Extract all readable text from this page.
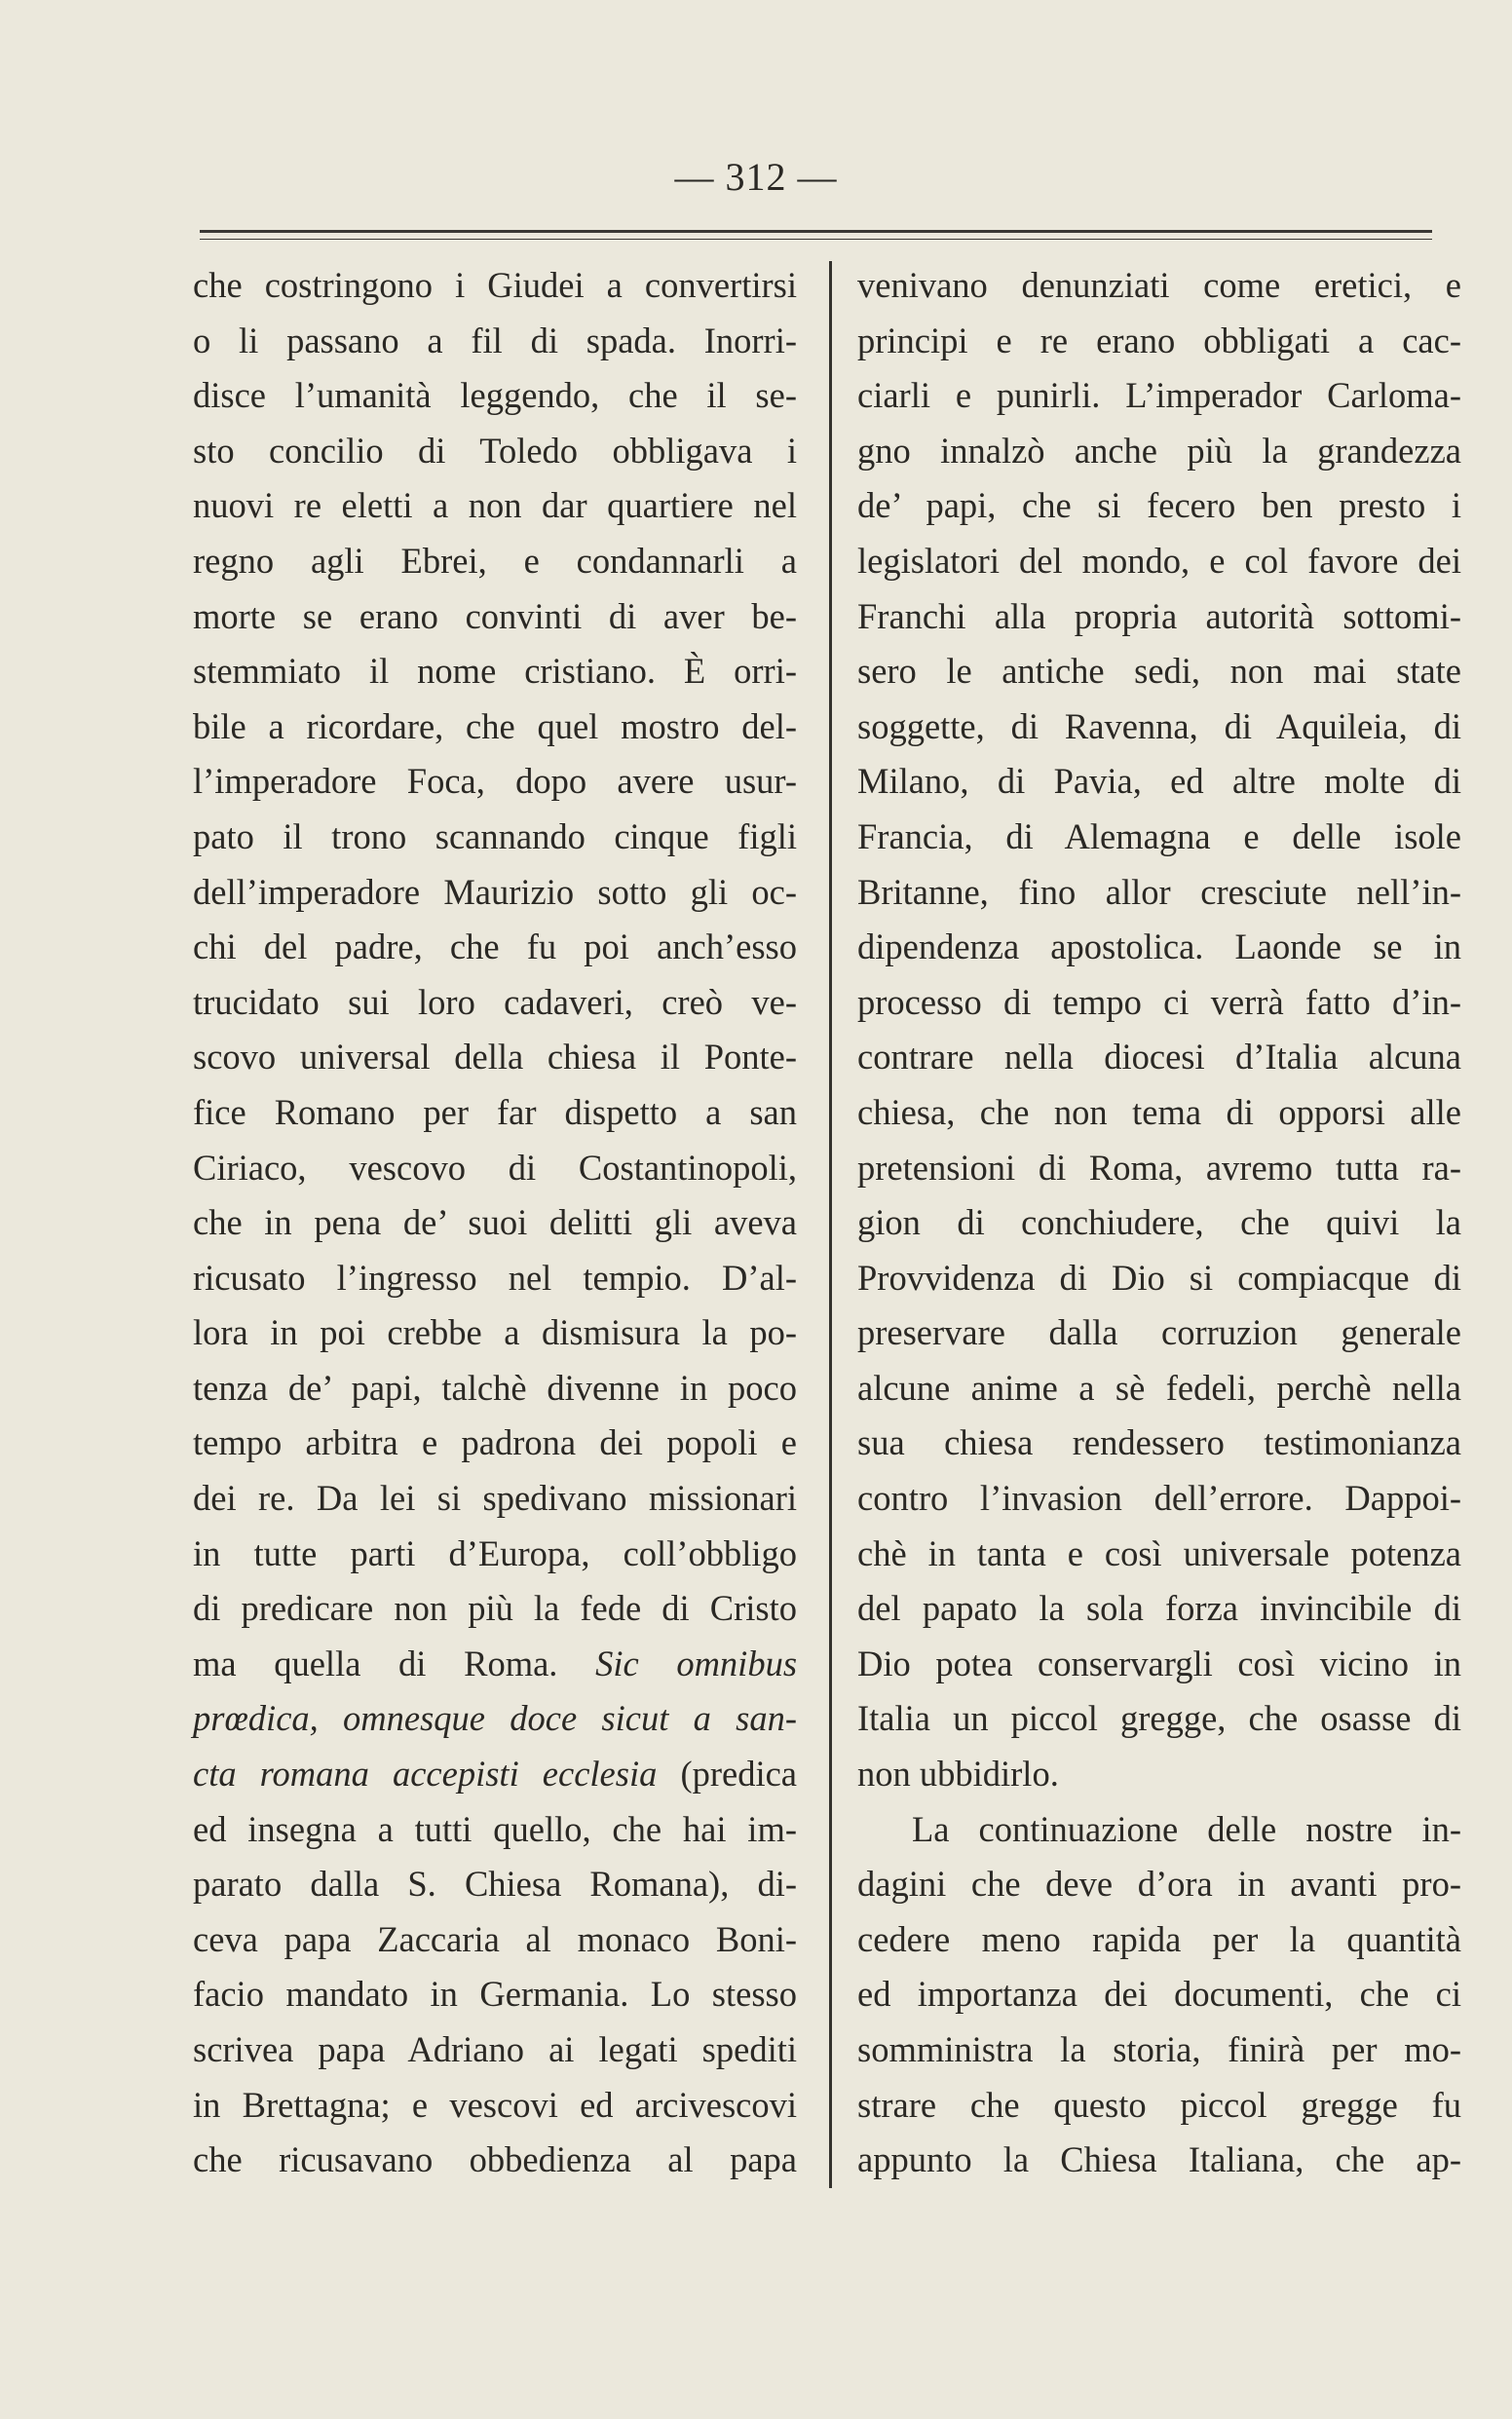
— 312 —
che costringono i Giudei a convertirsi
o li passano a fil di spada. Inorri-
disce l’umanità leggendo, che il se-
sto concilio di Toledo obbligava i
nuovi re eletti a non dar quartiere nel
regno agli Ebrei, e condannarli a
morte se erano convinti di aver be-
stemmiato il nome cristiano. È orri-
bile a ricordare, che quel mostro del-
l’imperadore Foca, dopo avere usur-
pato il trono scannando cinque figli
dell’imperadore Maurizio sotto gli oc-
chi del padre, che fu poi anch’esso
trucidato sui loro cadaveri, creò ve-
scovo universal della chiesa il Ponte-
fice Romano per far dispetto a san
Ciriaco, vescovo di Costantinopoli,
che in pena de’ suoi delitti gli aveva
ricusato l’ingresso nel tempio. D’al-
lora in poi crebbe a dismisura la po-
tenza de’ papi, talchè divenne in poco
tempo arbitra e padrona dei popoli e
dei re. Da lei si spedivano missionari
in tutte parti d’Europa, coll’obbligo
di predicare non più la fede di Cristo
ma quella di Roma. Sic omnibus
prœdica, omnesque doce sicut a san-
cta romana accepisti ecclesia (predica
ed insegna a tutti quello, che hai im-
parato dalla S. Chiesa Romana), di-
ceva papa Zaccaria al monaco Boni-
facio mandato in Germania. Lo stesso
scrivea papa Adriano ai legati spediti
in Brettagna; e vescovi ed arcivescovi
che ricusavano obbedienza al papa
venivano denunziati come eretici, e
principi e re erano obbligati a cac-
ciarli e punirli. L’imperador Carloma-
gno innalzò anche più la grandezza
de’ papi, che si fecero ben presto i
legislatori del mondo, e col favore dei
Franchi alla propria autorità sottomi-
sero le antiche sedi, non mai state
soggette, di Ravenna, di Aquileia, di
Milano, di Pavia, ed altre molte di
Francia, di Alemagna e delle isole
Britanne, fino allor cresciute nell’in-
dipendenza apostolica. Laonde se in
processo di tempo ci verrà fatto d’in-
contrare nella diocesi d’Italia alcuna
chiesa, che non tema di opporsi alle
pretensioni di Roma, avremo tutta ra-
gion di conchiudere, che quivi la
Provvidenza di Dio si compiacque di
preservare dalla corruzion generale
alcune anime a sè fedeli, perchè nella
sua chiesa rendessero testimonianza
contro l’invasion dell’errore. Dappoi-
chè in tanta e così universale potenza
del papato la sola forza invincibile di
Dio potea conservargli così vicino in
Italia un piccol gregge, che osasse di
non ubbidirlo.
La continuazione delle nostre in-
dagini che deve d’ora in avanti pro-
cedere meno rapida per la quantità
ed importanza dei documenti, che ci
somministra la storia, finirà per mo-
strare che questo piccol gregge fu
appunto la Chiesa Italiana, che ap-
